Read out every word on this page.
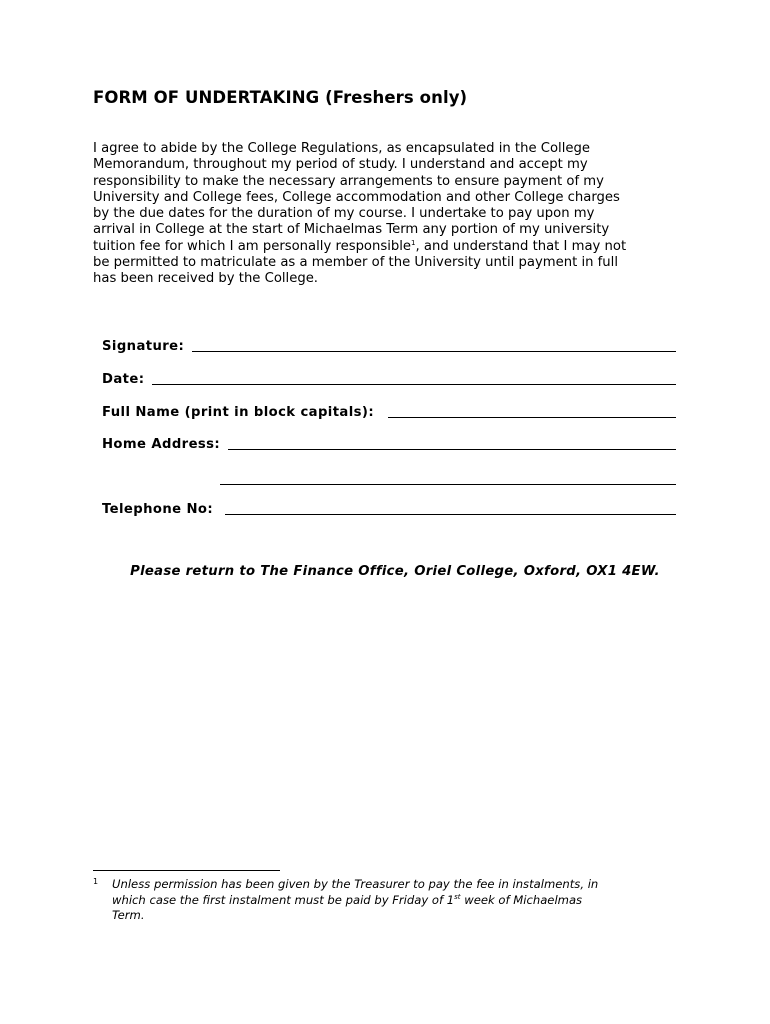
FORM OF UNDERTAKING (Freshers only)

I agree to abide by the College Regulations, as encapsulated in the College
Memorandum, throughout my period of study. I understand and accept my
responsibility to make the necessary arrangements to ensure payment of my
University and College fees, College accommodation and other College charges
by the due dates for the duration of my course. I undertake to pay upon my
arrival in College at the start of Michaelmas Term any portion of my university
tuition fee for which I am personally responsible$^1$, and understand that I may not
be permitted to matriculate as a member of the University until payment in full
has been received by the College.

Signature:
Date:
Full Name (print in block capitals):
Home Address:
Telephone No:

Please return to The Finance Office, Oriel College, Oxford, OX1 4EW.

1 Unless permission has been given by the Treasurer to pay the fee in instalments, in
which case the first instalment must be paid by Friday of 1st week of Michaelmas
Term.
